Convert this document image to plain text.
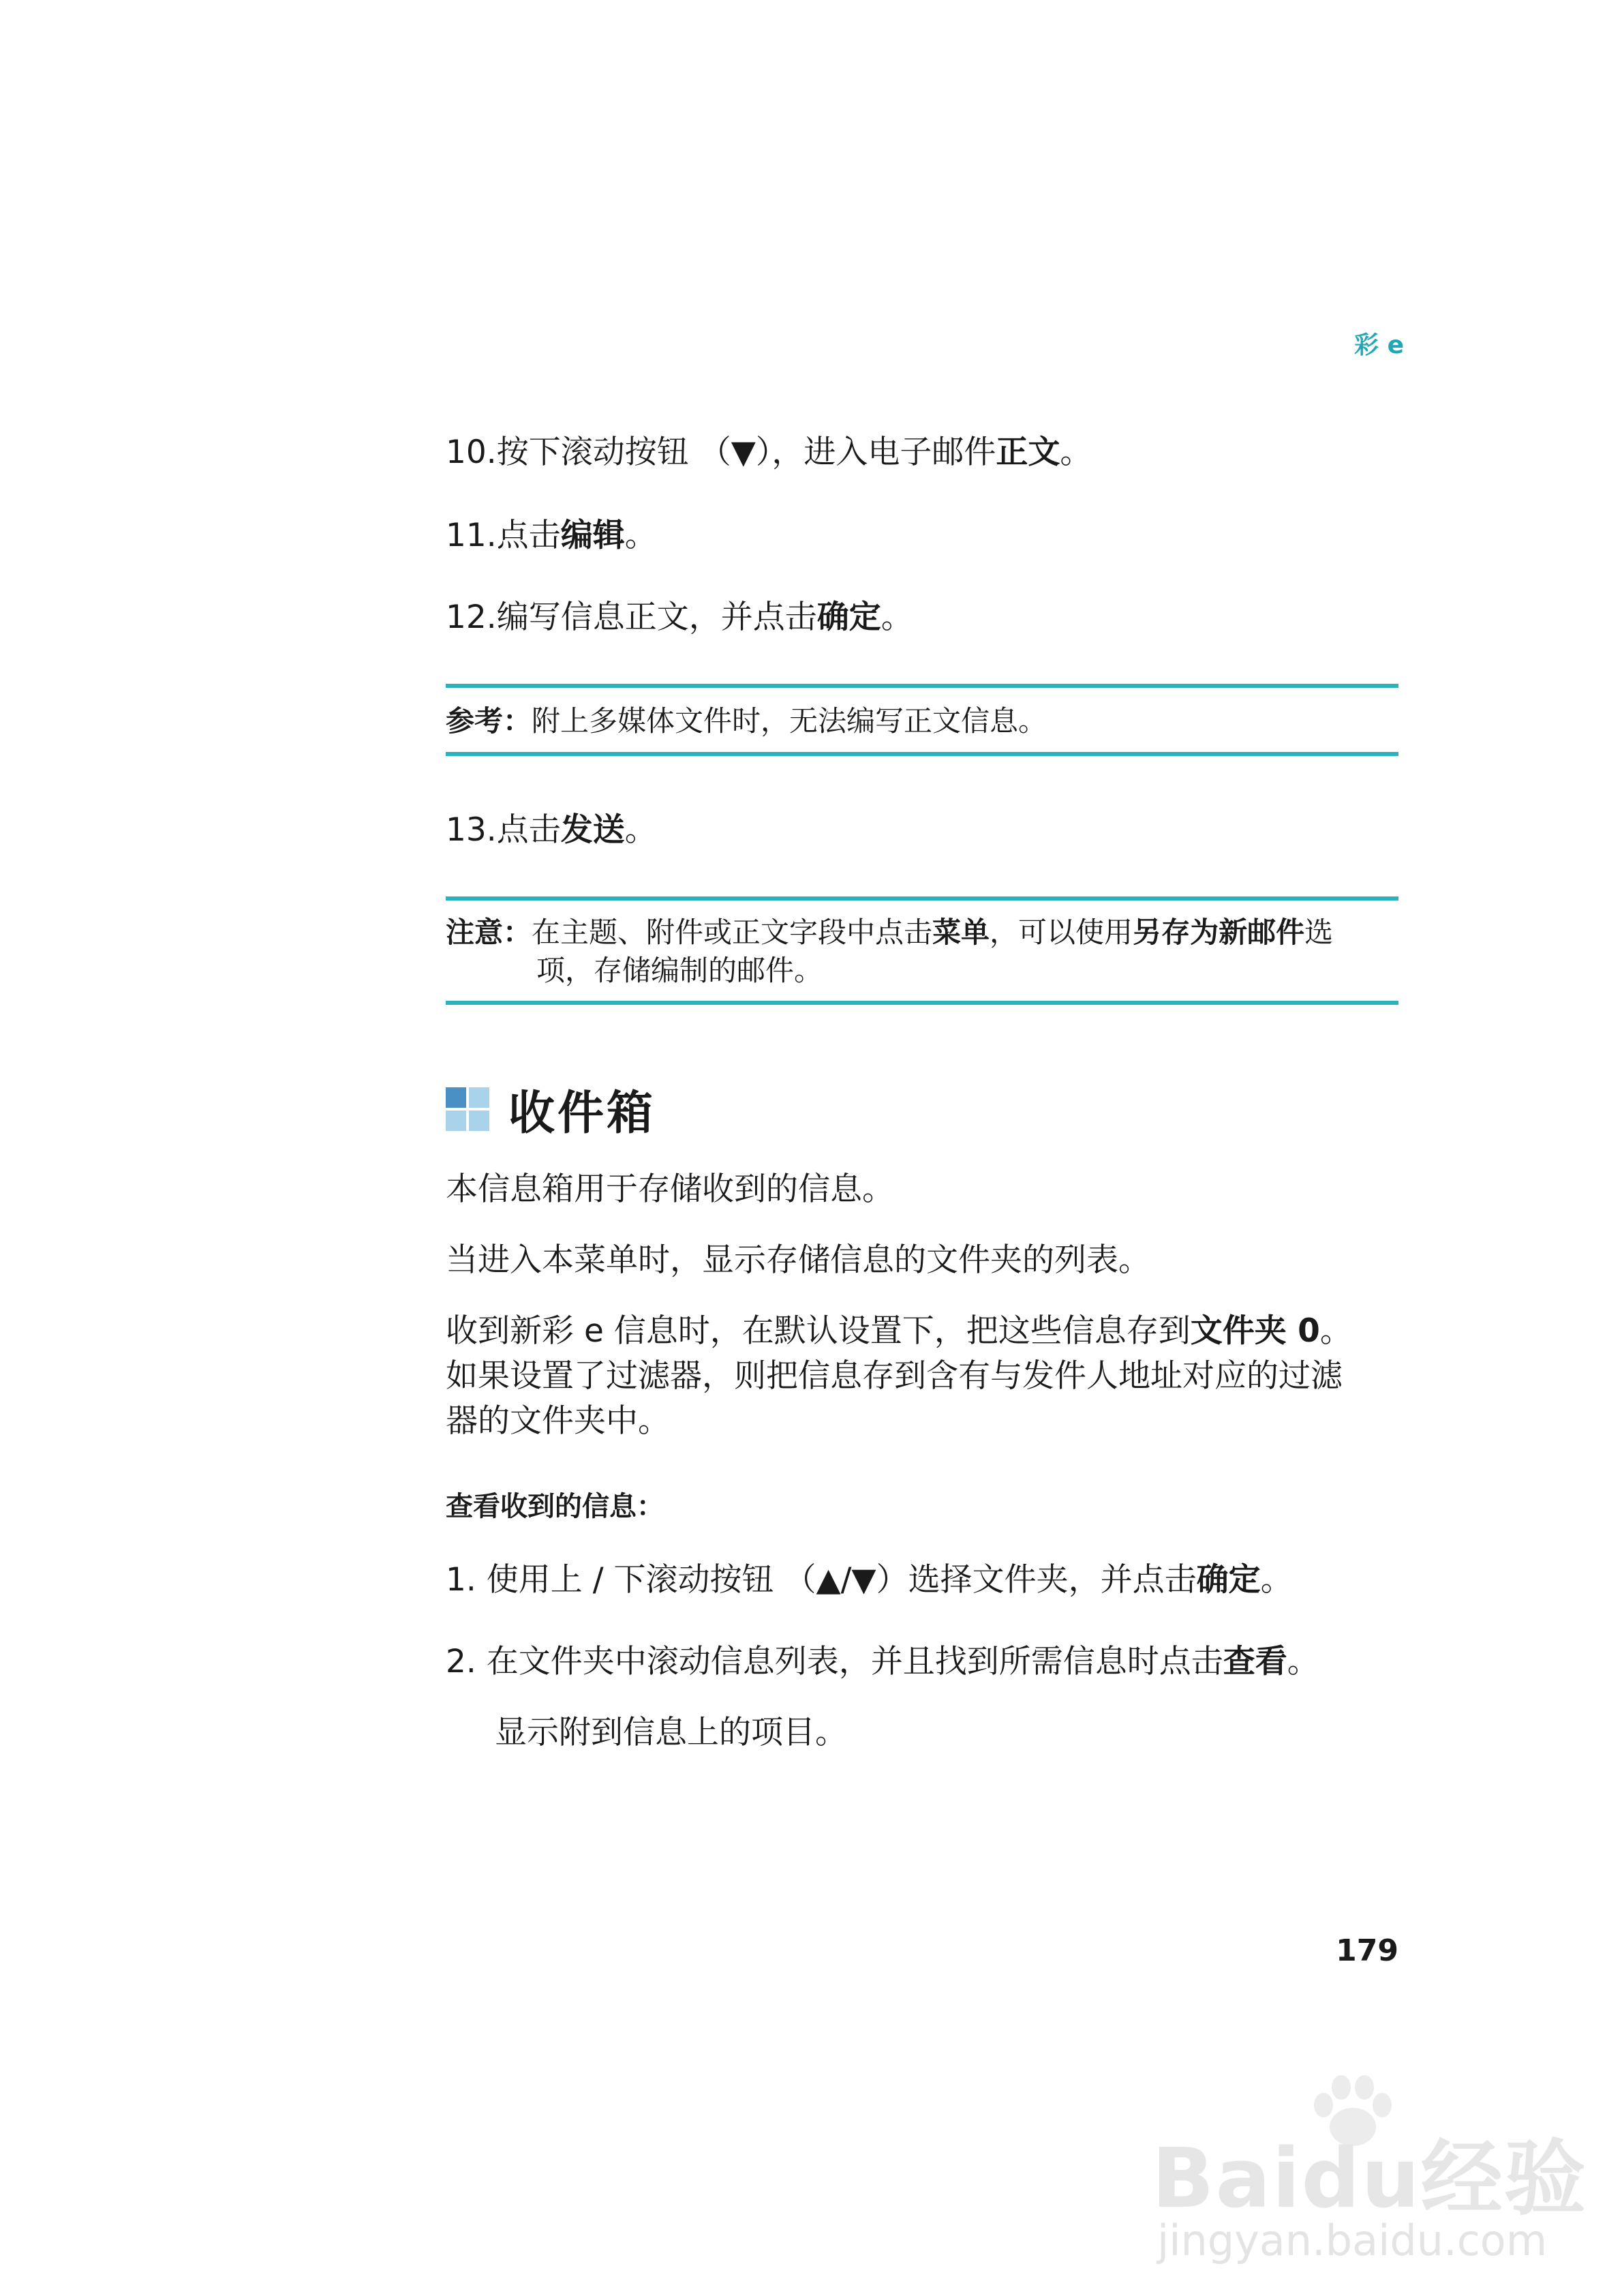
彩 e
10.按下滚动按钮 （▼），进入电子邮件正文。
11.点击编辑。
12.编写信息正文，并点击确定。
参考：附上多媒体文件时，无法编写正文信息。
13.点击发送。
注意：在主题、附件或正文字段中点击菜单，可以使用另存为新邮件选
项，存储编制的邮件。
收件箱
本信息箱用于存储收到的信息。
当进入本菜单时，显示存储信息的文件夹的列表。
收到新彩 e 信息时，在默认设置下，把这些信息存到文件夹 0。
如果设置了过滤器，则把信息存到含有与发件人地址对应的过滤
器的文件夹中。
查看收到的信息：
1. 使用上 / 下滚动按钮 （▲/▼）选择文件夹，并点击确定。
2. 在文件夹中滚动信息列表，并且找到所需信息时点击查看。
显示附到信息上的项目。
179
Baidu经验
jingyan.baidu.com
